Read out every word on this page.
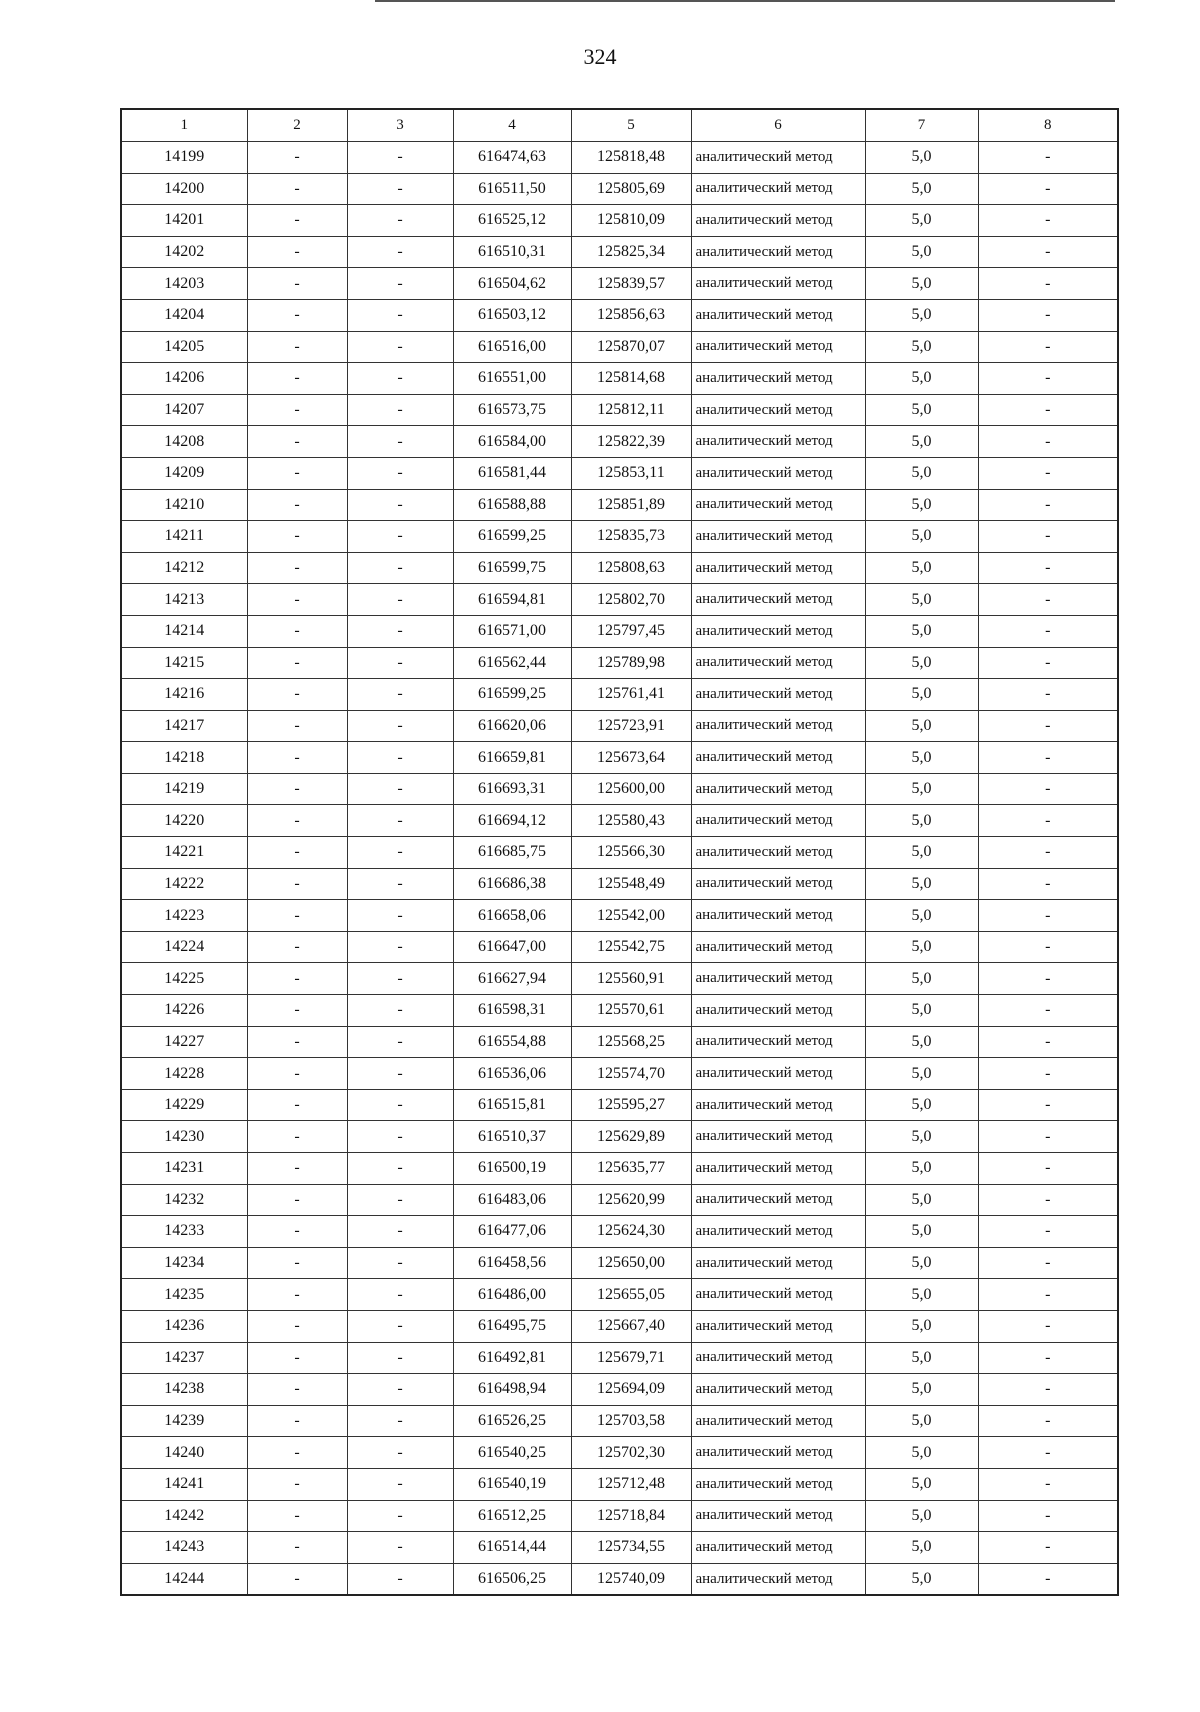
324
1	2	3	4	5	6	7	8
14199	-	-	616474,63	125818,48	аналитический метод	5,0	-
14200	-	-	616511,50	125805,69	аналитический метод	5,0	-
14201	-	-	616525,12	125810,09	аналитический метод	5,0	-
14202	-	-	616510,31	125825,34	аналитический метод	5,0	-
14203	-	-	616504,62	125839,57	аналитический метод	5,0	-
14204	-	-	616503,12	125856,63	аналитический метод	5,0	-
14205	-	-	616516,00	125870,07	аналитический метод	5,0	-
14206	-	-	616551,00	125814,68	аналитический метод	5,0	-
14207	-	-	616573,75	125812,11	аналитический метод	5,0	-
14208	-	-	616584,00	125822,39	аналитический метод	5,0	-
14209	-	-	616581,44	125853,11	аналитический метод	5,0	-
14210	-	-	616588,88	125851,89	аналитический метод	5,0	-
14211	-	-	616599,25	125835,73	аналитический метод	5,0	-
14212	-	-	616599,75	125808,63	аналитический метод	5,0	-
14213	-	-	616594,81	125802,70	аналитический метод	5,0	-
14214	-	-	616571,00	125797,45	аналитический метод	5,0	-
14215	-	-	616562,44	125789,98	аналитический метод	5,0	-
14216	-	-	616599,25	125761,41	аналитический метод	5,0	-
14217	-	-	616620,06	125723,91	аналитический метод	5,0	-
14218	-	-	616659,81	125673,64	аналитический метод	5,0	-
14219	-	-	616693,31	125600,00	аналитический метод	5,0	-
14220	-	-	616694,12	125580,43	аналитический метод	5,0	-
14221	-	-	616685,75	125566,30	аналитический метод	5,0	-
14222	-	-	616686,38	125548,49	аналитический метод	5,0	-
14223	-	-	616658,06	125542,00	аналитический метод	5,0	-
14224	-	-	616647,00	125542,75	аналитический метод	5,0	-
14225	-	-	616627,94	125560,91	аналитический метод	5,0	-
14226	-	-	616598,31	125570,61	аналитический метод	5,0	-
14227	-	-	616554,88	125568,25	аналитический метод	5,0	-
14228	-	-	616536,06	125574,70	аналитический метод	5,0	-
14229	-	-	616515,81	125595,27	аналитический метод	5,0	-
14230	-	-	616510,37	125629,89	аналитический метод	5,0	-
14231	-	-	616500,19	125635,77	аналитический метод	5,0	-
14232	-	-	616483,06	125620,99	аналитический метод	5,0	-
14233	-	-	616477,06	125624,30	аналитический метод	5,0	-
14234	-	-	616458,56	125650,00	аналитический метод	5,0	-
14235	-	-	616486,00	125655,05	аналитический метод	5,0	-
14236	-	-	616495,75	125667,40	аналитический метод	5,0	-
14237	-	-	616492,81	125679,71	аналитический метод	5,0	-
14238	-	-	616498,94	125694,09	аналитический метод	5,0	-
14239	-	-	616526,25	125703,58	аналитический метод	5,0	-
14240	-	-	616540,25	125702,30	аналитический метод	5,0	-
14241	-	-	616540,19	125712,48	аналитический метод	5,0	-
14242	-	-	616512,25	125718,84	аналитический метод	5,0	-
14243	-	-	616514,44	125734,55	аналитический метод	5,0	-
14244	-	-	616506,25	125740,09	аналитический метод	5,0	-
